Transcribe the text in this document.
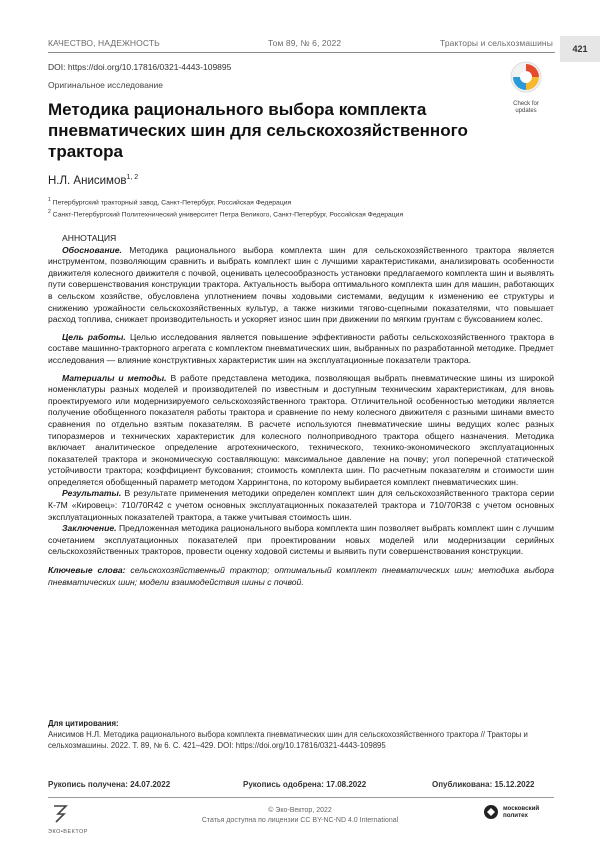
КАЧЕСТВО, НАДЕЖНОСТЬ	Том 89, № 6, 2022	Тракторы и сельхозмашины
421
DOI: https://doi.org/10.17816/0321-4443-109895
Оригинальное исследование
Check for
updates
Методика рационального выбора комплекта пневматических шин для сельскохозяйственного трактора
Н.Л. Анисимов$^{1, 2}$
$^1$ Петербургский тракторный завод, Санкт-Петербург, Российская Федерация
$^2$ Санкт-Петербургский Политехнический университет Петра Великого, Санкт-Петербург, Российская Федерация

АННОТАЦИЯ

Обоснование. Методика рационального выбора комплекта шин для сельскохозяйственного трактора является инструментом, позволяющим сравнить и выбрать комплект шин с лучшими характеристиками, анализировать особенности движителя колесного движителя с почвой, оценивать целесообразность установки предлагаемого комплекта шин и выявлять пути совершенствования конструкции трактора. Актуальность выбора оптимального комплекта шин для машин, работающих в сельском хозяйстве, обусловлена уплотнением почвы ходовыми системами, ведущим к изменению ее структуры и снижению урожайности сельскохозяйственных культур, а также низкими тягово-сцепными показателями, что повышает расход топлива, снижает производительность и ускоряет износ шин при движении по мягким грунтам с буксованием колес.

Цель работы. Целью исследования является повышение эффективности работы сельскохозяйственного трактора в составе машинно-тракторного агрегата с комплектом пневматических шин, выбранных по разработанной методике. Предмет исследования — влияние конструктивных характеристик шин на эксплуатационные показатели трактора.

Материалы и методы. В работе представлена методика, позволяющая выбрать пневматические шины из широкой номенклатуры разных моделей и производителей по известным и доступным техническим характеристикам, для вновь проектируемого или модернизируемого сельскохозяйственного трактора. Отличительной особенностью методики является получение обобщенного показателя работы трактора и сравнение по нему колесного движителя с разными шинами вместо сравнения по отдельно взятым показателям. В расчете используются пневматические шины ведущих колес разных типоразмеров и технических характеристик для колесного полноприводного трактора общего назначения. Методика включает аналитическое определение агротехнического, технического, технико-экономического эксплуатационных показателей трактора и экономическую составляющую: максимальное давление на почву; угол поперечной статической устойчивости трактора; коэффициент буксования; стоимость комплекта шин. По расчетным показателям и стоимости шин определяется обобщенный параметр методом Харрингтона, по которому выбирается комплект пневматических шин.

Результаты. В результате применения методики определен комплект шин для сельскохозяйственного трактора серии К-7М «Кировец»: 710/70R42 с учетом основных эксплуатационных показателей трактора и 710/70R38 с учетом основных эксплуатационных показателей трактора, а также учитывая стоимость шин.

Заключение. Предложенная методика рационального выбора комплекта шин позволяет выбрать комплект шин с лучшим сочетанием эксплуатационных показателей при проектировании новых моделей или модернизации серийных сельскохозяйственных тракторов, провести оценку ходовой системы и выявить пути совершенствования конструкции.

Ключевые слова: сельскохозяйственный трактор; оптимальный комплект пневматических шин; методика выбора пневматических шин; модели взаимодействия шины с почвой.

Для цитирования:
Анисимов Н.Л. Методика рационального выбора комплекта пневматических шин для сельскохозяйственного трактора // Тракторы и сельхозмашины. 2022. Т. 89, № 6. С. 421–429. DOI: https://doi.org/10.17816/0321-4443-109895
Рукопись получена: 24.07.2022	Рукопись одобрена: 17.08.2022	Опубликована: 15.12.2022
ЭКО•ВЕКТОР
© Эко-Вектор, 2022
Статья доступна по лицензии CC BY-NC-ND 4.0 International
московский
политех
